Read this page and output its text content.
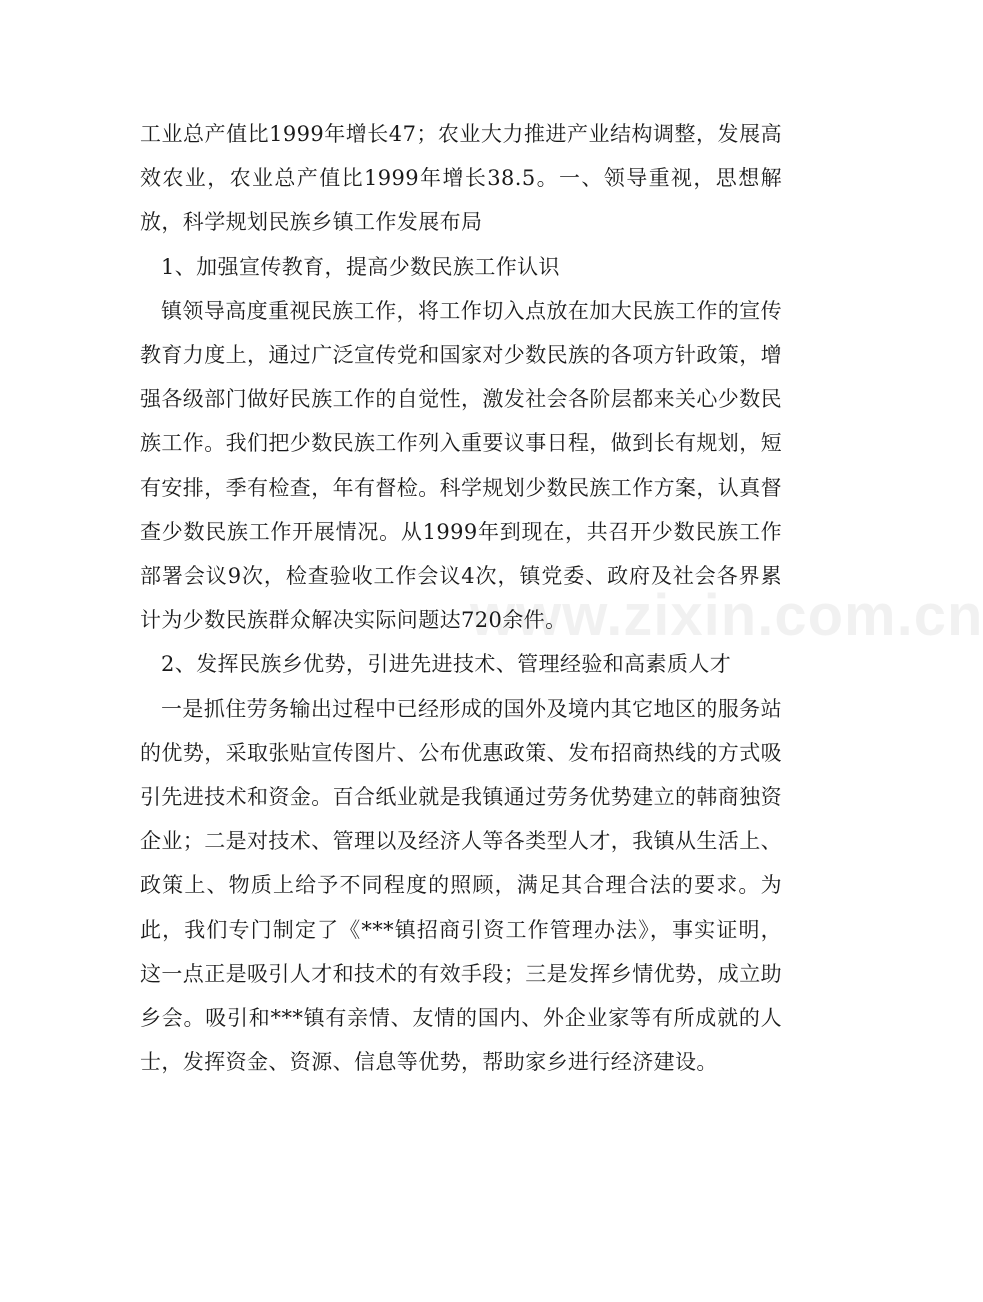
工业总产值比1999年增长47；农业大力推进产业结构调整，发展高效农业，农业总产值比1999年增长38.5。一、领导重视，思想解放，科学规划民族乡镇工作发展布局

1、加强宣传教育，提高少数民族工作认识

镇领导高度重视民族工作，将工作切入点放在加大民族工作的宣传教育力度上，通过广泛宣传党和国家对少数民族的各项方针政策，增强各级部门做好民族工作的自觉性，激发社会各阶层都来关心少数民族工作。我们把少数民族工作列入重要议事日程，做到长有规划，短有安排，季有检查，年有督检。科学规划少数民族工作方案，认真督查少数民族工作开展情况。从1999年到现在，共召开少数民族工作部署会议9次，检查验收工作会议4次，镇党委、政府及社会各界累计为少数民族群众解决实际问题达720余件。

2、发挥民族乡优势，引进先进技术、管理经验和高素质人才

一是抓住劳务输出过程中已经形成的国外及境内其它地区的服务站的优势，采取张贴宣传图片、公布优惠政策、发布招商热线的方式吸引先进技术和资金。百合纸业就是我镇通过劳务优势建立的韩商独资企业；二是对技术、管理以及经济人等各类型人才，我镇从生活上、政策上、物质上给予不同程度的照顾，满足其合理合法的要求。为此，我们专门制定了《***镇招商引资工作管理办法》，事实证明，这一点正是吸引人才和技术的有效手段；三是发挥乡情优势，成立助乡会。吸引和***镇有亲情、友情的国内、外企业家等有所成就的人士，发挥资金、资源、信息等优势，帮助家乡进行经济建设。

www.zixin.com.cn
